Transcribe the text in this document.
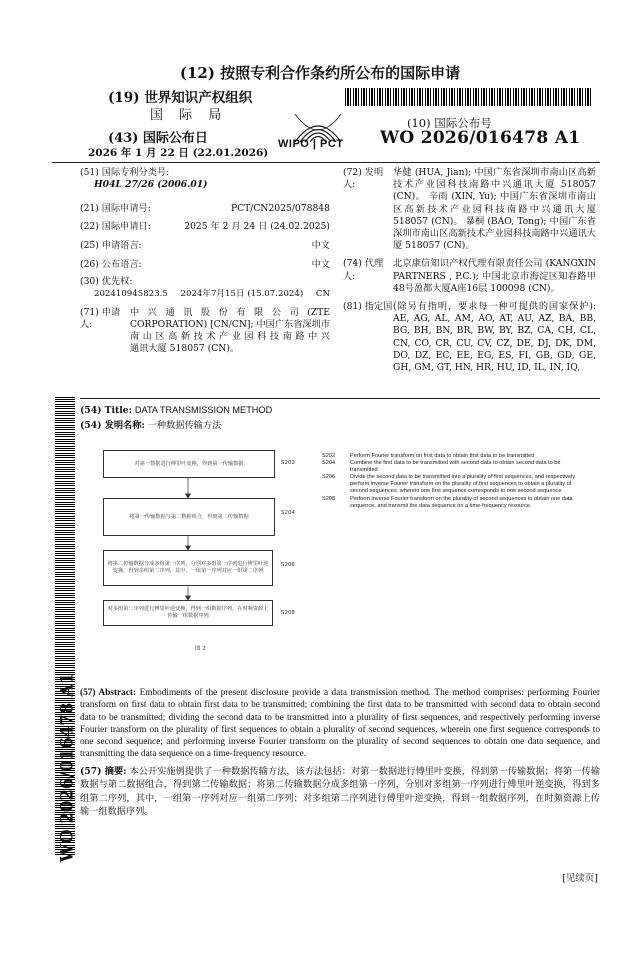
(12) 按照专利合作条约所公布的国际申请
(19) 世界知识产权组织
国 际 局
(43) 国际公布日
2026 年 1 月 22 日 (22.01.2026)
WIPO | PCT
(10) 国际公布号
WO 2026/016478 A1
(51) 国际专利分类号:
H04L 27/26 (2006.01)
(21) 国际申请号:	PCT/CN2025/078848
(22) 国际申请日:	2025 年 2 月 24 日 (24.02.2025)
(25) 申请语言:	中文
(26) 公布语言:	中文
(30) 优先权:
202410945823.5 2024年7月15日 (15.07.2024) CN
(71) 申请人:
中 兴 通 讯 股 份 有 限 公 司 (ZTE CORPORATION) [CN/CN]; 中国广东省深圳市南 山 区 高 新 技 术 产 业 园 科 技 南 路 中 兴 通讯大厦 518057 (CN)。
(72) 发明人:
华健 (HUA, Jian); 中国广东省深圳市南山区高新技术产业园科技南路中兴通讯大厦 518057 (CN)。 辛雨 (XIN, Yu); 中国广东省深圳市南山区高新技术产业园科技南路中兴通讯大厦 518057 (CN)。 暴桐 (BAO, Tong); 中国广东省深圳市南山区高新技术产业园科技南路中兴通讯大厦 518057 (CN)。
(74) 代理人:
北京康信知识产权代理有限责任公司 (KANGXIN PARTNERS , P.C.); 中国北京市海淀区知春路甲48号盈都大厦A座16层 100098 (CN)。
(81) 指定国 (除另有指明，要求每一种可提供的国家保护): AE, AG, AL, AM, AO, AT, AU, AZ, BA, BB, BG, BH, BN, BR, BW, BY, BZ, CA, CH, CL, CN, CO, CR, CU, CV, CZ, DE, DJ, DK, DM, DO, DZ, EC, EE, EG, ES, FI, GB, GD, GE, GH, GM, GT, HN, HR, HU, ID, IL, IN, IQ,
(54) Title: DATA TRANSMISSION METHOD
(54) 发明名称: 一种数据传输方法
WO 2026/016478 A1
对第一数据进行傅里叶变换，得到第一传输数据	S202
将第一传输数据与第二数据组合，得到第二传输数据
S204
将第二传输数据分成多组第一序列，分别对多组第一序列进行傅里叶逆变换，得到多组第二序列，其中，一组第一序列对应一组第二序列
S206
对多组第二序列进行傅里叶逆变换，得到一组数据序列，在时频资源上传输一组数据序列	S208
图 2
S202	Perform Fourier transform on first data to obtain first data to be transmitted
S204	Combine the first data to be transmitted with second data to obtain second data to be transmitted
S206	Divide the second data to be transmitted into a plurality of first sequences, and respectively perform inverse Fourier transform on the plurality of first sequences to obtain a plurality of second sequences, wherein one first sequence corresponds to one second sequence
S208	Perform inverse Fourier transform on the plurality of second sequences to obtain one data sequence, and transmit the data sequence on a time-frequency resource
(57) Abstract: Embodiments of the present disclosure provide a data transmission method. The method comprises: performing Fourier transform on first data to obtain first data to be transmitted; combining the first data to be transmitted with second data to obtain second data to be transmitted; dividing the second data to be transmitted into a plurality of first sequences, and respectively performing inverse Fourier transform on the plurality of first sequences to obtain a plurality of second sequences, wherein one first sequence corresponds to one second sequence; and performing inverse Fourier transform on the plurality of second sequences to obtain one data sequence, and transmitting the data sequence on a time-frequency resource.
(57) 摘要: 本公开实施例提供了一种数据传输方法，该方法包括：对第一数据进行傅里叶变换，得到第一传输数据；将第一传输数据与第二数据组合，得到第二传输数据；将第二传输数据分成多组第一序列，分别对多组第一序列进行傅里叶逆变换，得到多组第二序列，其中，一组第一序列对应一组第二序列；对多组第二序列进行傅里叶逆变换，得到一组数据序列，在时频资源上传输一组数据序列。
[见续页]
